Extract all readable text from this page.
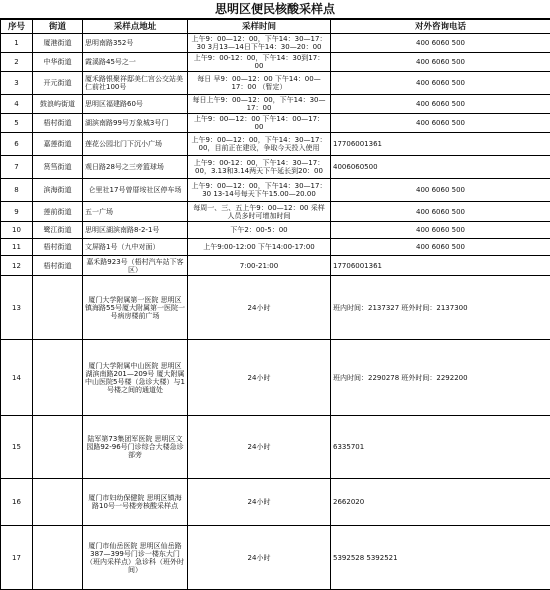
思明区便民核酸采样点
序号	街道	采样点地址	采样时间	对外咨询电话
1	厦港街道	思明南路352号	上午9：00—12：00，下午14：30—17：30 3月13—14日下午14：30—20：00	400 6060 500
2	中华街道	霞溪路45号之一	上午9：00-12：00，下午14：30到17：00	400 6060 500
3	开元街道	厦禾路银聚祥邸美仁宫公交站美仁前社100号	每日 早9：00—12：00 下午14：00—17：00 （暂定）	400 6060 500
4	鼓浪屿街道	思明区福建路60号	每日上午9：00—12：00，下午14：30—17：00	400 6060 500
5	梧村街道	湖滨南路99号万象城3号门	上午9：00—12：00 下午14：00—17：00	400 6060 500
6	嘉莲街道	莲花公园北门下沉小广场	上午9：00—12：00，下午14：30—17：00，目前正在建设，争取今天投入使用	17706001361
7	筼筜街道	观日路28号之三旁篮球场	上午9：00-12：00，下午14：30—17：00，3.13和3.14两天下午延长到20：00	4006060500
8	滨海街道	仑里社17号曾厝垵社区停车场	上午9：00—12：00，下午14：30—17：30 13-14号每天下午15.00—20.00	400 6060 500
9	莲前街道	五一广场	每周一、三、五上午9：00—12：00 采样人员多时可增加时间	400 6060 500
10	鹭江街道	思明区湖滨南路8-2-1号	下午2：00-5：00	400 6060 500
11	梧村街道	文屏路1号（九中对面）	上午9:00-12:00 下午14:00-17:00	400 6060 500
12	梧村街道	嘉禾路923号（梧村汽车站下客区）	7:00-21:00	17706001361
13		厦门大学附属第一医院 思明区镇海路55号厦大附属第一医院一号病房楼前广场	24小时	班内时间：2137327 班外时间：2137300
14		厦门大学附属中山医院 思明区湖滨南路201—209号 厦大附属中山医院5号楼（急诊大楼）与1号楼之间的通道处	24小时	班内时间：2290278 班外时间：2292200
15		陆军第73集团军医院 思明区文园路92-96号门诊综合大楼急诊部旁	24小时	6335701
16		厦门市妇幼保健院 思明区镇海路10号一号楼旁核酸采样点	24小时	2662020
17		厦门市仙岳医院 思明区仙岳路387—399号门诊一楼东大门（班内采样点）急诊科（班外时间）	24小时	5392528 5392521
